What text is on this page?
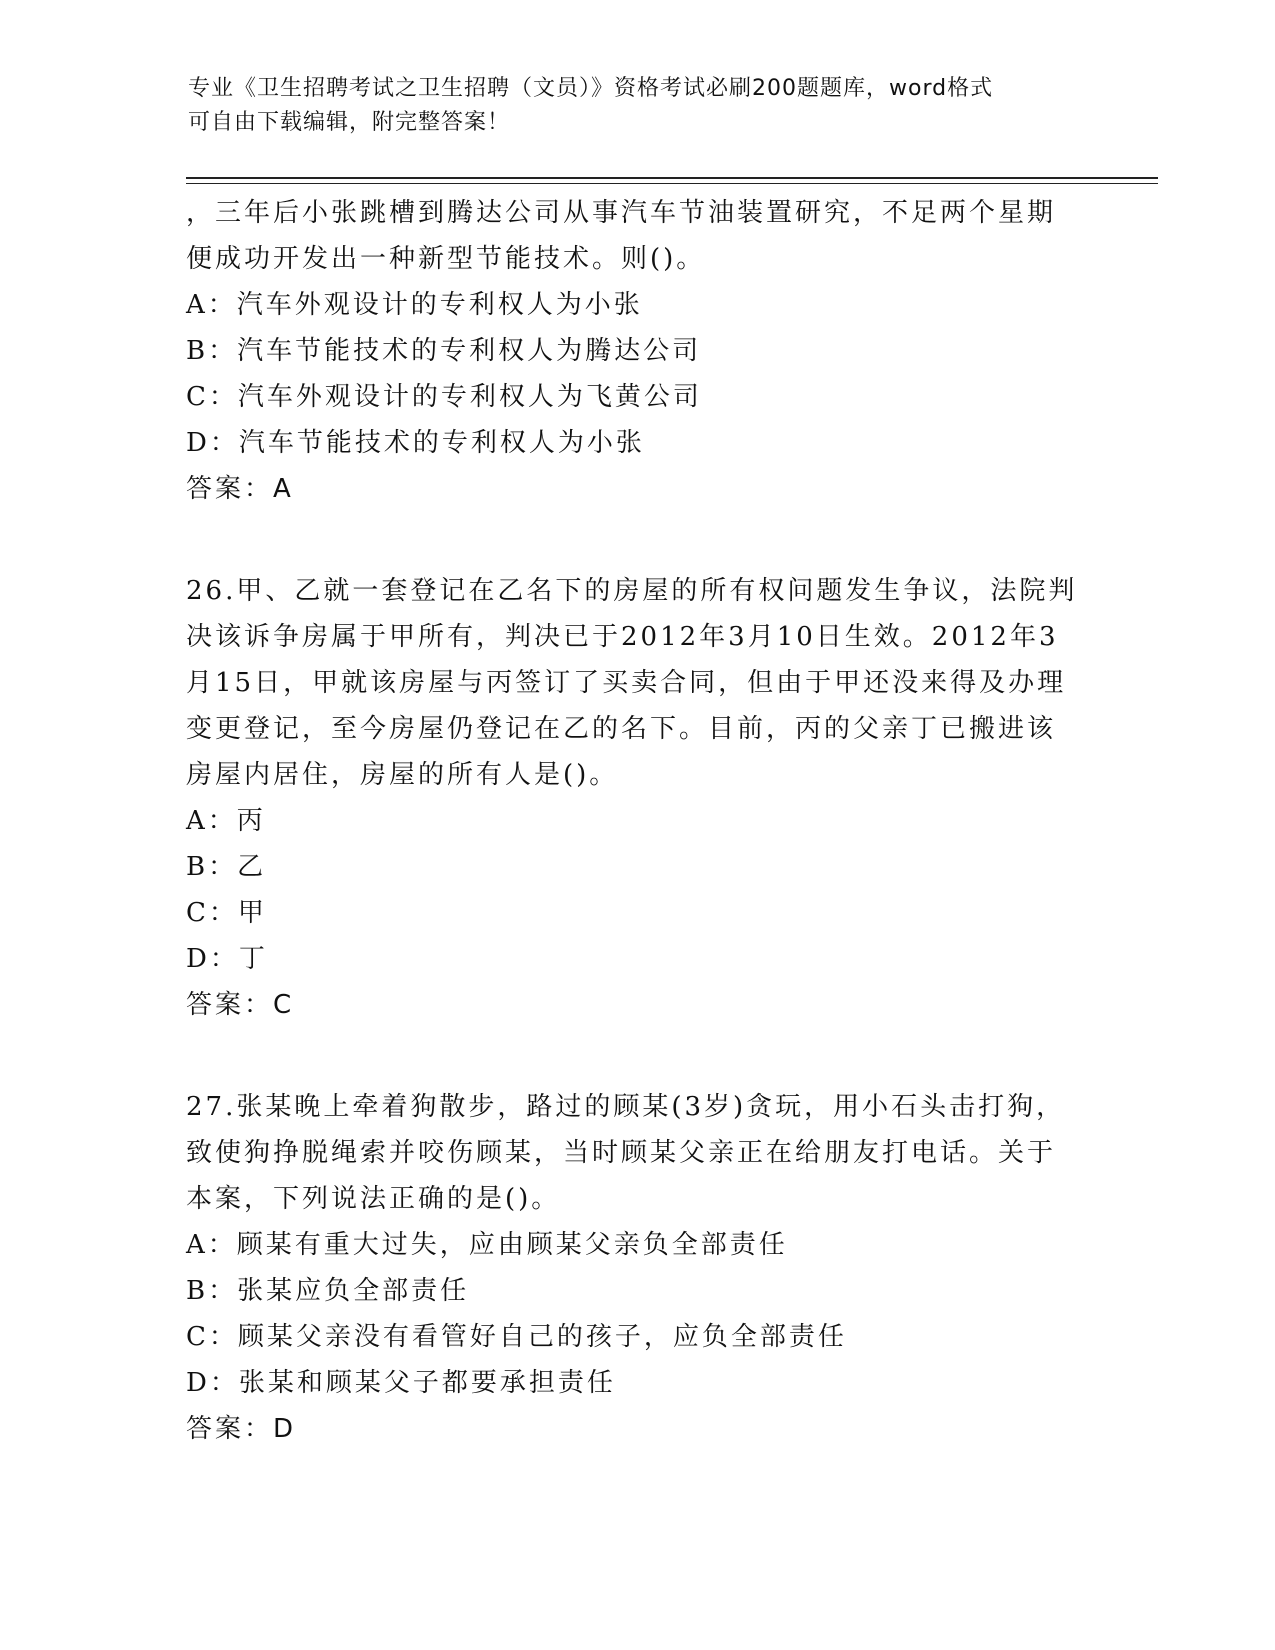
专业《卫生招聘考试之卫生招聘（文员）》资格考试必刷200题题库，word格式
可自由下载编辑，附完整答案！
，三年后小张跳槽到腾达公司从事汽车节油装置研究，不足两个星期
便成功开发出一种新型节能技术。则()。
A：汽车外观设计的专利权人为小张
B：汽车节能技术的专利权人为腾达公司
C：汽车外观设计的专利权人为飞黄公司
D：汽车节能技术的专利权人为小张
答案：A
26.甲、乙就一套登记在乙名下的房屋的所有权问题发生争议，法院判
决该诉争房属于甲所有，判决已于2012年3月10日生效。2012年3
月15日，甲就该房屋与丙签订了买卖合同，但由于甲还没来得及办理
变更登记，至今房屋仍登记在乙的名下。目前，丙的父亲丁已搬进该
房屋内居住，房屋的所有人是()。
A：丙
B：乙
C：甲
D：丁
答案：C
27.张某晚上牵着狗散步，路过的顾某(3岁)贪玩，用小石头击打狗，
致使狗挣脱绳索并咬伤顾某，当时顾某父亲正在给朋友打电话。关于
本案，下列说法正确的是()。
A：顾某有重大过失，应由顾某父亲负全部责任
B：张某应负全部责任
C：顾某父亲没有看管好自己的孩子，应负全部责任
D：张某和顾某父子都要承担责任
答案：D
